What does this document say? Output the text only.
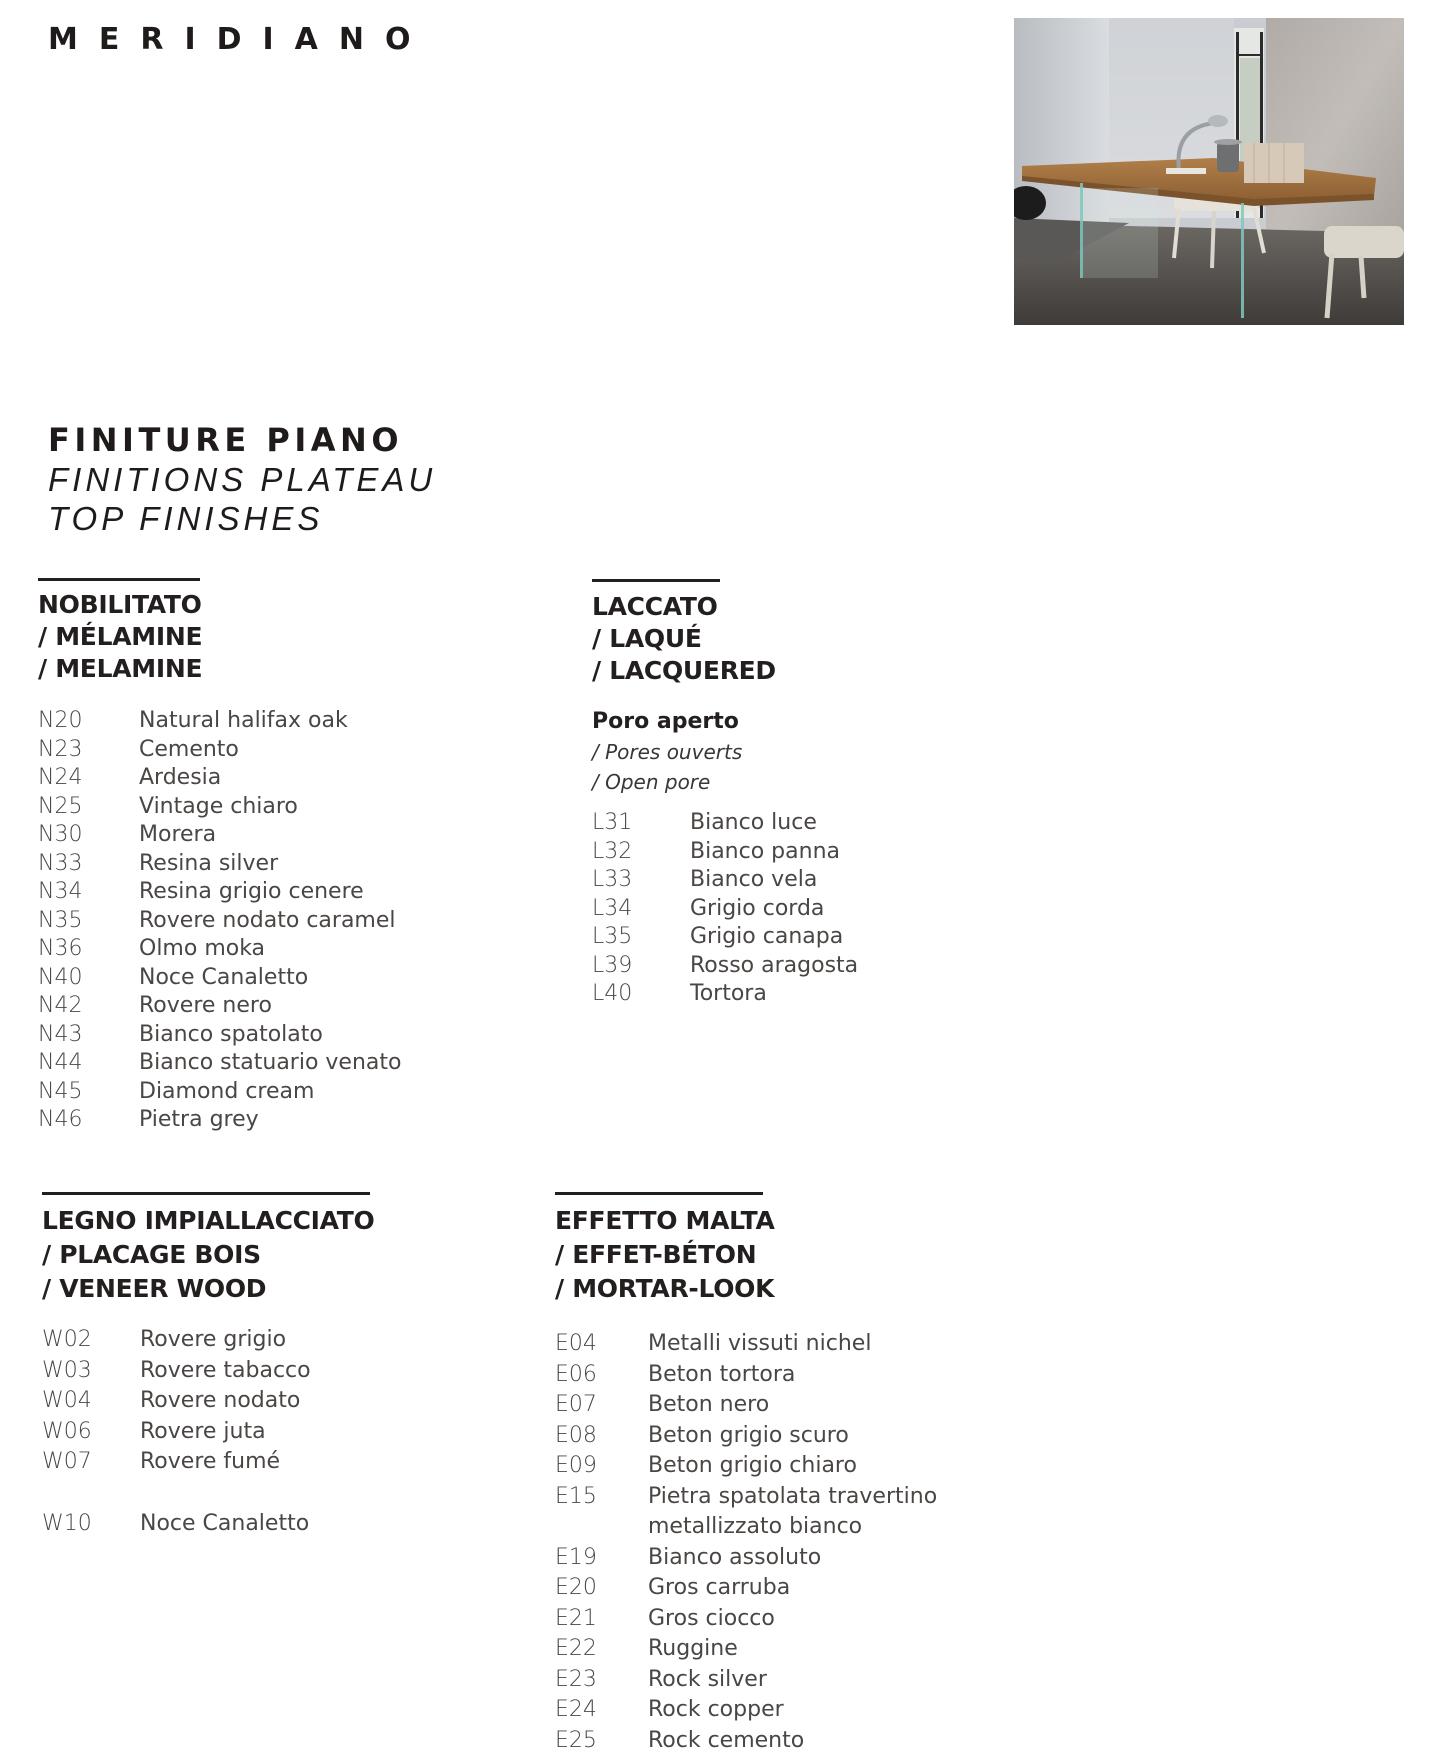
MERIDIANO
FINITURE PIANO
FINITIONS PLATEAU
TOP FINISHES
NOBILITATO
/ MÉLAMINE
/ MELAMINE
N20	Natural halifax oak
N23	Cemento
N24	Ardesia
N25	Vintage chiaro
N30	Morera
N33	Resina silver
N34	Resina grigio cenere
N35	Rovere nodato caramel
N36	Olmo moka
N40	Noce Canaletto
N42	Rovere nero
N43	Bianco spatolato
N44	Bianco statuario venato
N45	Diamond cream
N46	Pietra grey
LACCATO
/ LAQUÉ
/ LACQUERED
Poro aperto
/ Pores ouverts
/ Open pore
L31	Bianco luce
L32	Bianco panna
L33	Bianco vela
L34	Grigio corda
L35	Grigio canapa
L39	Rosso aragosta
L40	Tortora
LEGNO IMPIALLACCIATO
/ PLACAGE BOIS
/ VENEER WOOD
W02 Rovere grigio
W03 Rovere tabacco
W04 Rovere nodato
W06 Rovere juta
W07 Rovere fumé
W10 Noce Canaletto
EFFETTO MALTA
/ EFFET-BÉTON
/ MORTAR-LOOK
E04 Metalli vissuti nichel
E06 Beton tortora
E07 Beton nero
E08 Beton grigio scuro
E09 Beton grigio chiaro
E15 Pietra spatolata travertino
metallizzato bianco
E19 Bianco assoluto
E20 Gros carruba
E21 Gros ciocco
E22 Ruggine
E23 Rock silver
E24 Rock copper
E25 Rock cemento
